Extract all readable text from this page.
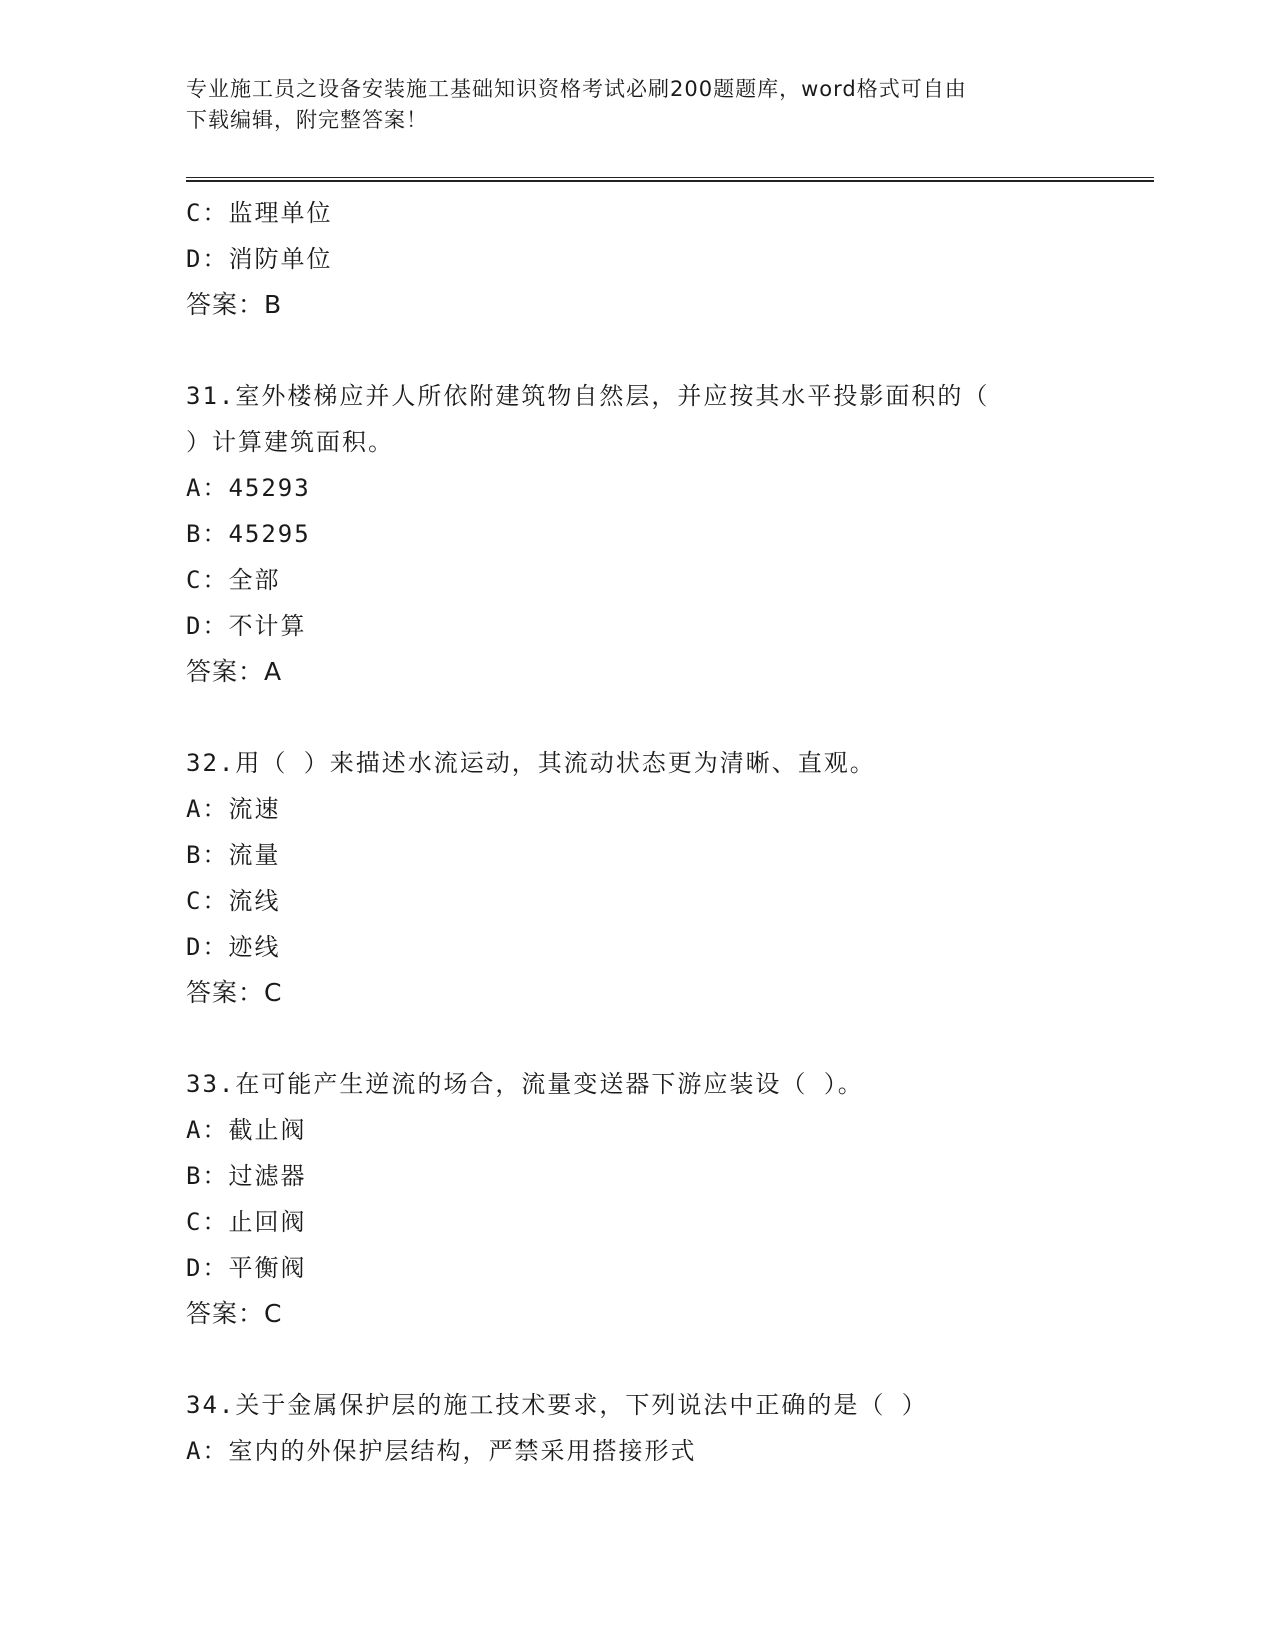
专业施工员之设备安装施工基础知识资格考试必刷200题题库，word格式可自由
下载编辑，附完整答案！
C：监理单位
D：消防单位
答案：B
31.室外楼梯应并人所依附建筑物自然层，并应按其水平投影面积的（
）计算建筑面积。
A：45293
B：45295
C：全部
D：不计算
答案：A
32.用（ ）来描述水流运动，其流动状态更为清晰、直观。
A：流速
B：流量
C：流线
D：迹线
答案：C
33.在可能产生逆流的场合，流量变送器下游应装设（ ）。
A：截止阀
B：过滤器
C：止回阀
D：平衡阀
答案：C
34.关于金属保护层的施工技术要求，下列说法中正确的是（ ）
A：室内的外保护层结构，严禁采用搭接形式
